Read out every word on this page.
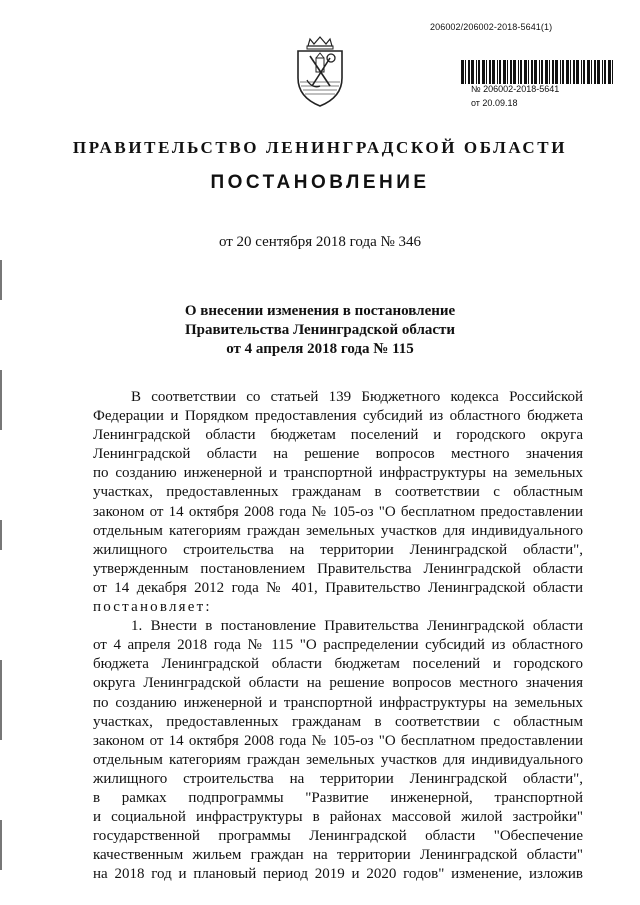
206002/206002-2018-5641(1)
№ 206002-2018-5641
от 20.09.18
ПРАВИТЕЛЬСТВО ЛЕНИНГРАДСКОЙ ОБЛАСТИ
ПОСТАНОВЛЕНИЕ
от 20 сентября 2018 года № 346
О внесении изменения в постановление
Правительства Ленинградской области
от 4 апреля 2018 года № 115

В соответствии со статьей 139 Бюджетного кодекса Российской

Федерации и Порядком предоставления субсидий из областного бюджета

Ленинградской области бюджетам поселений и городского округа

Ленинградской области на решение вопросов местного значения

по созданию инженерной и транспортной инфраструктуры на земельных

участках, предоставленных гражданам в соответствии с областным

законом от 14 октября 2008 года № 105-оз "О бесплатном предоставлении

отдельным категориям граждан земельных участков для индивидуального

жилищного строительства на территории Ленинградской области",

утвержденным постановлением Правительства Ленинградской области

от 14 декабря 2012 года № 401, Правительство Ленинградской области

постановляет:

1. Внести в постановление Правительства Ленинградской области

от 4 апреля 2018 года № 115 "О распределении субсидий из областного

бюджета Ленинградской области бюджетам поселений и городского

округа Ленинградской области на решение вопросов местного значения

по созданию инженерной и транспортной инфраструктуры на земельных

участках, предоставленных гражданам в соответствии с областным

законом от 14 октября 2008 года № 105-оз "О бесплатном предоставлении

отдельным категориям граждан земельных участков для индивидуального

жилищного строительства на территории Ленинградской области",

в рамках подпрограммы "Развитие инженерной, транспортной

и социальной инфраструктуры в районах массовой жилой застройки"

государственной программы Ленинградской области "Обеспечение

качественным жильем граждан на территории Ленинградской области"

на 2018 год и плановый период 2019 и 2020 годов" изменение, изложив
